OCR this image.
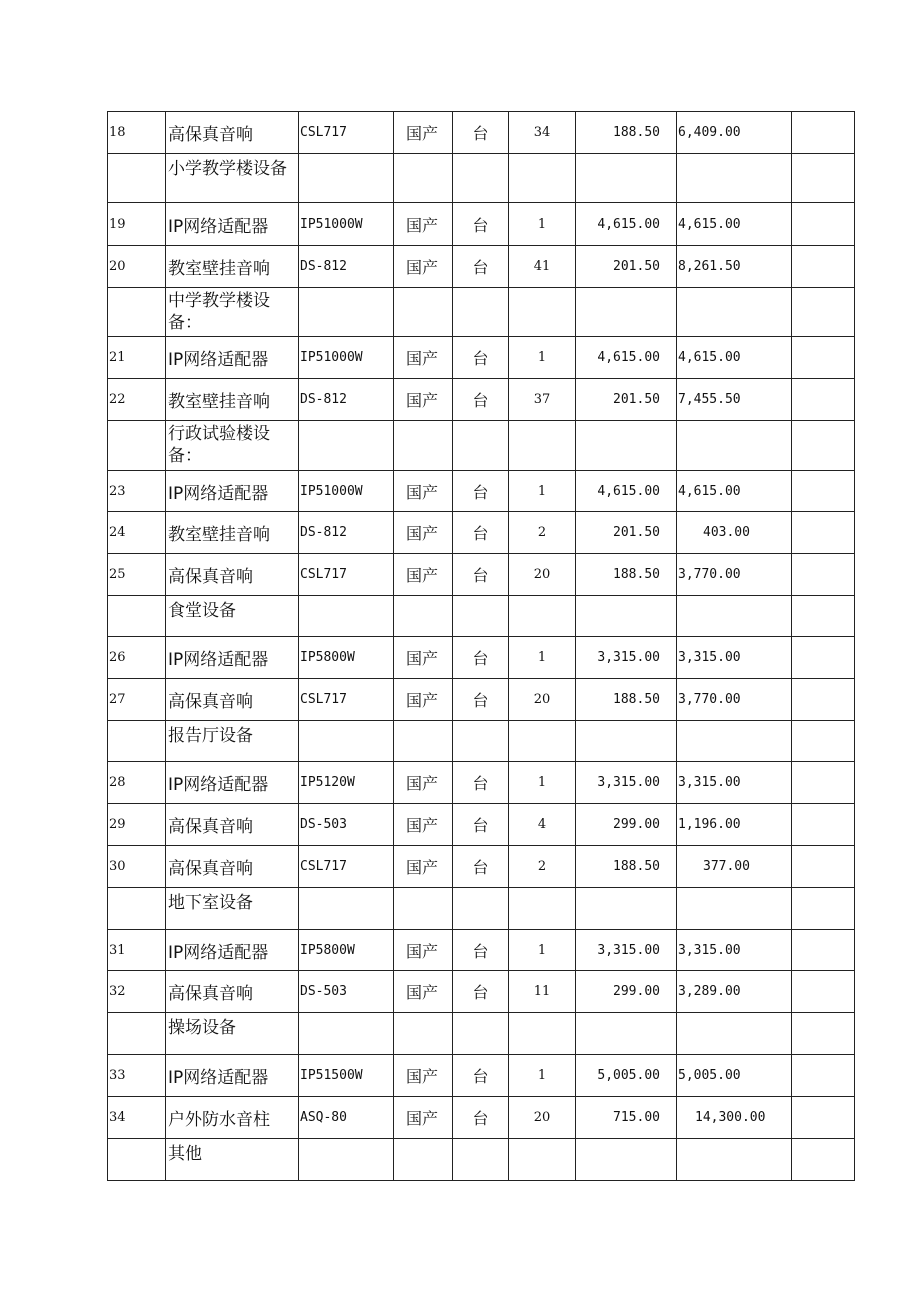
18	高保真音响	CSL717	国产	台	34	188.50	6,409.00	
	小学教学楼设备							
19	IP网络适配器	IP51000W	国产	台	1	4,615.00	4,615.00	
20	教室壁挂音响	DS-812	国产	台	41	201.50	8,261.50	
	中学教学楼设备：							
21	IP网络适配器	IP51000W	国产	台	1	4,615.00	4,615.00	
22	教室壁挂音响	DS-812	国产	台	37	201.50	7,455.50	
	行政试验楼设备：							
23	IP网络适配器	IP51000W	国产	台	1	4,615.00	4,615.00	
24	教室壁挂音响	DS-812	国产	台	2	201.50	403.00	
25	高保真音响	CSL717	国产	台	20	188.50	3,770.00	
	食堂设备							
26	IP网络适配器	IP5800W	国产	台	1	3,315.00	3,315.00	
27	高保真音响	CSL717	国产	台	20	188.50	3,770.00	
	报告厅设备							
28	IP网络适配器	IP5120W	国产	台	1	3,315.00	3,315.00	
29	高保真音响	DS-503	国产	台	4	299.00	1,196.00	
30	高保真音响	CSL717	国产	台	2	188.50	377.00	
	地下室设备							
31	IP网络适配器	IP5800W	国产	台	1	3,315.00	3,315.00	
32	高保真音响	DS-503	国产	台	11	299.00	3,289.00	
	操场设备							
33	IP网络适配器	IP51500W	国产	台	1	5,005.00	5,005.00	
34	户外防水音柱	ASQ-80	国产	台	20	715.00	14,300.00	
	其他							
